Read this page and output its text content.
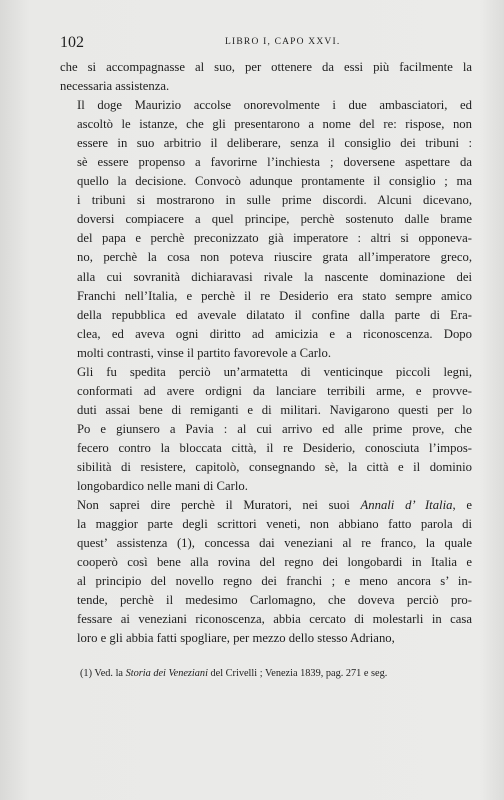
102	LIBRO I, CAPO XXVI.

che si accompagnasse al suo, per ottenere da essi più facilmente la
necessaria assistenza.

Il doge Maurizio accolse onorevolmente i due ambasciatori, ed
ascoltò le istanze, che gli presentarono a nome del re: rispose, non
essere in suo arbitrio il deliberare, senza il consiglio dei tribuni :
sè essere propenso a favorirne l’inchiesta ; doversene aspettare da
quello la decisione. Convocò adunque prontamente il consiglio ; ma
i tribuni si mostrarono in sulle prime discordi. Alcuni dicevano,
doversi compiacere a quel principe, perchè sostenuto dalle brame
del papa e perchè preconizzato già imperatore : altri si opponeva-
no, perchè la cosa non poteva riuscire grata all’imperatore greco,
alla cui sovranità dichiaravasi rivale la nascente dominazione dei
Franchi nell’Italia, e perchè il re Desiderio era stato sempre amico
della repubblica ed avevale dilatato il confine dalla parte di Era-
clea, ed aveva ogni diritto ad amicizia e a riconoscenza. Dopo
molti contrasti, vinse il partito favorevole a Carlo.

Gli fu spedita perciò un’armatetta di venticinque piccoli legni,
conformati ad avere ordigni da lanciare terribili arme, e provve-
duti assai bene di remiganti e di militari. Navigarono questi per lo
Po e giunsero a Pavia : al cui arrivo ed alle prime prove, che
fecero contro la bloccata città, il re Desiderio, conosciuta l’impos-
sibilità di resistere, capitolò, consegnando sè, la città e il dominio
longobardico nelle mani di Carlo.

Non saprei dire perchè il Muratori, nei suoi Annali d’ Italia, e
la maggior parte degli scrittori veneti, non abbiano fatto parola di
quest’ assistenza (1), concessa dai veneziani al re franco, la quale
cooperò così bene alla rovina del regno dei longobardi in Italia e
al principio del novello regno dei franchi ; e meno ancora s’ in-
tende, perchè il medesimo Carlomagno, che doveva perciò pro-
fessare ai veneziani riconoscenza, abbia cercato di molestarli in casa
loro e gli abbia fatti spogliare, per mezzo dello stesso Adriano,

(1) Ved. la Storia dei Veneziani del Crivelli ; Venezia 1839, pag. 271 e seg.
